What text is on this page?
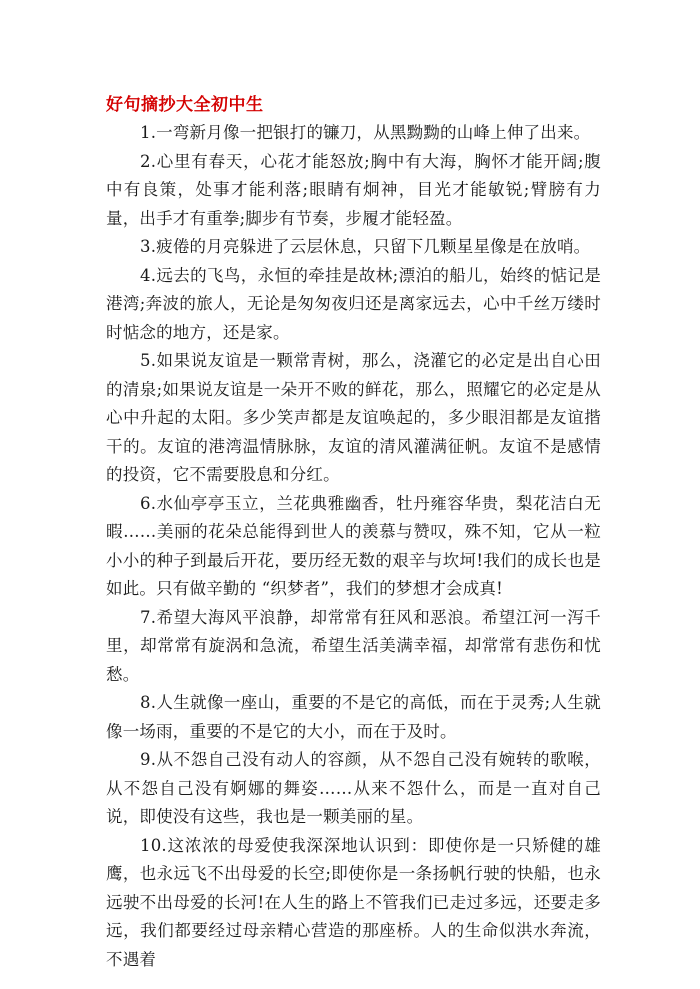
好句摘抄大全初中生

1.一弯新月像一把银打的镰刀，从黑黝黝的山峰上伸了出来。

2.心里有春天，心花才能怒放;胸中有大海，胸怀才能开阔;腹中有良策，处事才能利落;眼睛有炯神，目光才能敏锐;臂膀有力量，出手才有重拳;脚步有节奏，步履才能轻盈。

3.疲倦的月亮躲进了云层休息，只留下几颗星星像是在放哨。

4.远去的飞鸟，永恒的牵挂是故林;漂泊的船儿，始终的惦记是港湾;奔波的旅人，无论是匆匆夜归还是离家远去，心中千丝万缕时时惦念的地方，还是家。

5.如果说友谊是一颗常青树，那么，浇灌它的必定是出自心田的清泉;如果说友谊是一朵开不败的鲜花，那么，照耀它的必定是从心中升起的太阳。多少笑声都是友谊唤起的，多少眼泪都是友谊揩干的。友谊的港湾温情脉脉，友谊的清风灌满征帆。友谊不是感情的投资，它不需要股息和分红。

6.水仙亭亭玉立，兰花典雅幽香，牡丹雍容华贵，梨花洁白无暇……美丽的花朵总能得到世人的羡慕与赞叹，殊不知，它从一粒小小的种子到最后开花，要历经无数的艰辛与坎坷!我们的成长也是如此。只有做辛勤的 “织梦者”，我们的梦想才会成真!

7.希望大海风平浪静，却常常有狂风和恶浪。希望江河一泻千里，却常常有旋涡和急流，希望生活美满幸福，却常常有悲伤和忧愁。

8.人生就像一座山，重要的不是它的高低，而在于灵秀;人生就像一场雨，重要的不是它的大小，而在于及时。

9.从不怨自己没有动人的容颜，从不怨自己没有婉转的歌喉，从不怨自己没有婀娜的舞姿……从来不怨什么，而是一直对自己说，即使没有这些，我也是一颗美丽的星。

10.这浓浓的母爱使我深深地认识到：即使你是一只矫健的雄鹰，也永远飞不出母爱的长空;即使你是一条扬帆行驶的快船，也永远驶不出母爱的长河!在人生的路上不管我们已走过多远，还要走多远，我们都要经过母亲精心营造的那座桥。人的生命似洪水奔流，不遇着
